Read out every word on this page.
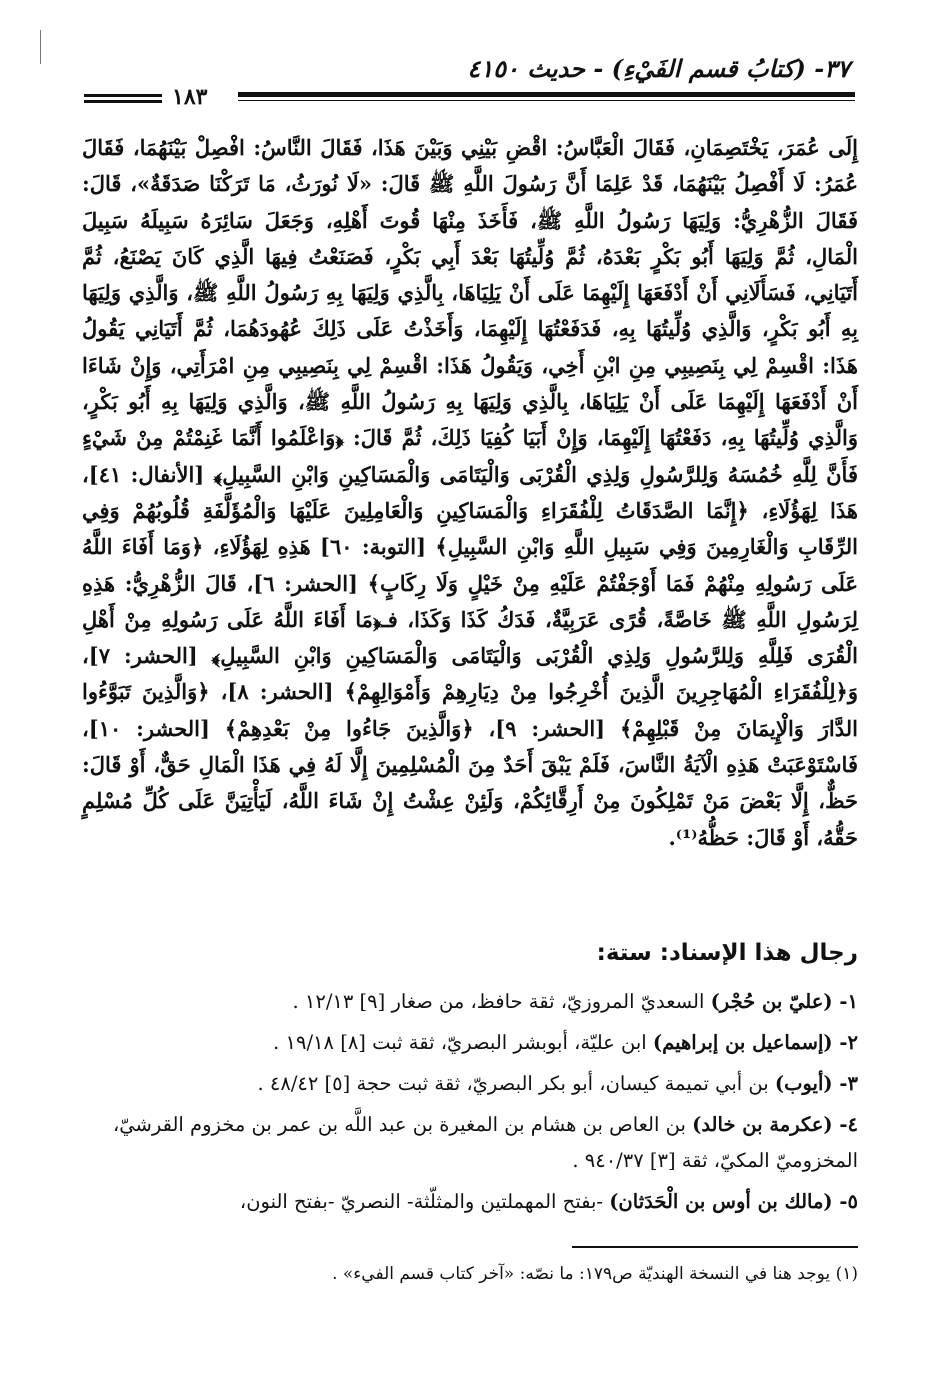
٣٧- (كتابُ قسم الفَيْءِ) - حديث ٤١٥٠
١٨٣

إِلَى عُمَرَ، يَخْتَصِمَانِ، فَقَالَ الْعَبَّاسُ: اقْضِ بَيْنِي وَبَيْنَ هَذَا، فَقَالَ النَّاسُ: افْصِلْ بَيْنَهُمَا، فَقَالَ عُمَرُ: لَا أَفْصِلُ بَيْنَهُمَا، قَدْ عَلِمَا أَنَّ رَسُولَ اللَّهِ ﷺ قَالَ: «لَا نُورَثُ، مَا تَرَكْنَا صَدَقَةٌ»، قَالَ: فَقَالَ الزُّهْرِيُّ: وَلِيَهَا رَسُولُ اللَّهِ ﷺ، فَأَخَذَ مِنْهَا قُوتَ أَهْلِهِ، وَجَعَلَ سَائِرَهُ سَبِيلَهُ سَبِيلَ الْمَالِ، ثُمَّ وَلِيَهَا أَبُو بَكْرٍ بَعْدَهُ، ثُمَّ وُلِّيتُهَا بَعْدَ أَبِي بَكْرٍ، فَصَنَعْتُ فِيهَا الَّذِي كَانَ يَصْنَعُ، ثُمَّ أَتَيَانِي، فَسَأَلَانِي أَنْ أَدْفَعَهَا إِلَيْهِمَا عَلَى أَنْ يَلِيَاهَا، بِالَّذِي وَلِيَهَا بِهِ رَسُولُ اللَّهِ ﷺ، وَالَّذِي وَلِيَهَا بِهِ أَبُو بَكْرٍ، وَالَّذِي وُلِّيتُهَا بِهِ، فَدَفَعْتُهَا إِلَيْهِمَا، وَأَخَذْتُ عَلَى ذَلِكَ عُهُودَهُمَا، ثُمَّ أَتَيَانِي يَقُولُ هَذَا: اقْسِمْ لِي بِنَصِيبِي مِنِ ابْنِ أَخِي، وَيَقُولُ هَذَا: اقْسِمْ لِي بِنَصِيبِي مِنِ امْرَأَتِي، وَإِنْ شَاءَا أَنْ أَدْفَعَهَا إِلَيْهِمَا عَلَى أَنْ يَلِيَاهَا، بِالَّذِي وَلِيَهَا بِهِ رَسُولُ اللَّهِ ﷺ، وَالَّذِي وَلِيَهَا بِهِ أَبُو بَكْرٍ، وَالَّذِي وُلِّيتُهَا بِهِ، دَفَعْتُهَا إِلَيْهِمَا، وَإِنْ أَبَيَا كُفِيَا ذَلِكَ، ثُمَّ قَالَ: ﴿وَاعْلَمُوا أَنَّمَا غَنِمْتُمْ مِنْ شَيْءٍ فَأَنَّ لِلَّهِ خُمُسَهُ وَلِلرَّسُولِ وَلِذِي الْقُرْبَى وَالْيَتَامَى وَالْمَسَاكِينِ وَابْنِ السَّبِيلِ﴾ [الأنفال: ٤١]، هَذَا لِهَؤُلَاءِ، ﴿إِنَّمَا الصَّدَقَاتُ لِلْفُقَرَاءِ وَالْمَسَاكِينِ وَالْعَامِلِينَ عَلَيْهَا وَالْمُؤَلَّفَةِ قُلُوبُهُمْ وَفِي الرِّقَابِ وَالْغَارِمِينَ وَفِي سَبِيلِ اللَّهِ وَابْنِ السَّبِيلِ﴾ [التوبة: ٦٠] هَذِهِ لِهَؤُلَاءِ، ﴿وَمَا أَفَاءَ اللَّهُ عَلَى رَسُولِهِ مِنْهُمْ فَمَا أَوْجَفْتُمْ عَلَيْهِ مِنْ خَيْلٍ وَلَا رِكَابٍ﴾ [الحشر: ٦]، قَالَ الزُّهْرِيُّ: هَذِهِ لِرَسُولِ اللَّهِ ﷺ خَاصَّةً، قُرًى عَرَبِيَّةٌ، فَدَكُ كَذَا وَكَذَا، فـ﴿مَا أَفَاءَ اللَّهُ عَلَى رَسُولِهِ مِنْ أَهْلِ الْقُرَى فَلِلَّهِ وَلِلرَّسُولِ وَلِذِي الْقُرْبَى وَالْيَتَامَى وَالْمَسَاكِينِ وَابْنِ السَّبِيلِ﴾ [الحشر: ٧]، وَ﴿لِلْفُقَرَاءِ الْمُهَاجِرِينَ الَّذِينَ أُخْرِجُوا مِنْ دِيَارِهِمْ وَأَمْوَالِهِمْ﴾ [الحشر: ٨]، ﴿وَالَّذِينَ تَبَوَّءُوا الدَّارَ وَالْإِيمَانَ مِنْ قَبْلِهِمْ﴾ [الحشر: ٩]، ﴿وَالَّذِينَ جَاءُوا مِنْ بَعْدِهِمْ﴾ [الحشر: ١٠]، فَاسْتَوْعَبَتْ هَذِهِ الْآيَةُ النَّاسَ، فَلَمْ يَبْقَ أَحَدٌ مِنَ الْمُسْلِمِينَ إِلَّا لَهُ فِي هَذَا الْمَالِ حَقٌّ، أَوْ قَالَ: حَظٌّ، إِلَّا بَعْضَ مَنْ تَمْلِكُونَ مِنْ أَرِقَّائِكُمْ، وَلَئِنْ عِشْتُ إِنْ شَاءَ اللَّهُ، لَيَأْتِيَنَّ عَلَى كُلِّ مُسْلِمٍ حَقُّهُ، أَوْ قَالَ: حَظُّهُ⁽¹⁾.

رجال هذا الإسناد: ستة:

١- (عليّ بن حُجْر) السعديّ المروزيّ، ثقة حافظ، من صغار [٩] ١٢/١٣ .

٢- (إسماعيل بن إبراهيم) ابن عليّة، أبوبشر البصريّ، ثقة ثبت [٨] ١٩/١٨ .

٣- (أيوب) بن أبي تميمة كيسان، أبو بكر البصريّ، ثقة ثبت حجة [٥] ٤٨/٤٢ .

٤- (عكرمة بن خالد) بن العاص بن هشام بن المغيرة بن عبد اللَّه بن عمر بن مخزوم القرشيّ، المخزوميّ المكيّ، ثقة [٣] ٩٤٠/٣٧ .

٥- (مالك بن أوس بن الْحَدَثان) -بفتح المهملتين والمثلّثة- النصريّ -بفتح النون،

(١) يوجد هنا في النسخة الهنديّة ص١٧٩: ما نصّه: «آخر كتاب قسم الفيء» .
